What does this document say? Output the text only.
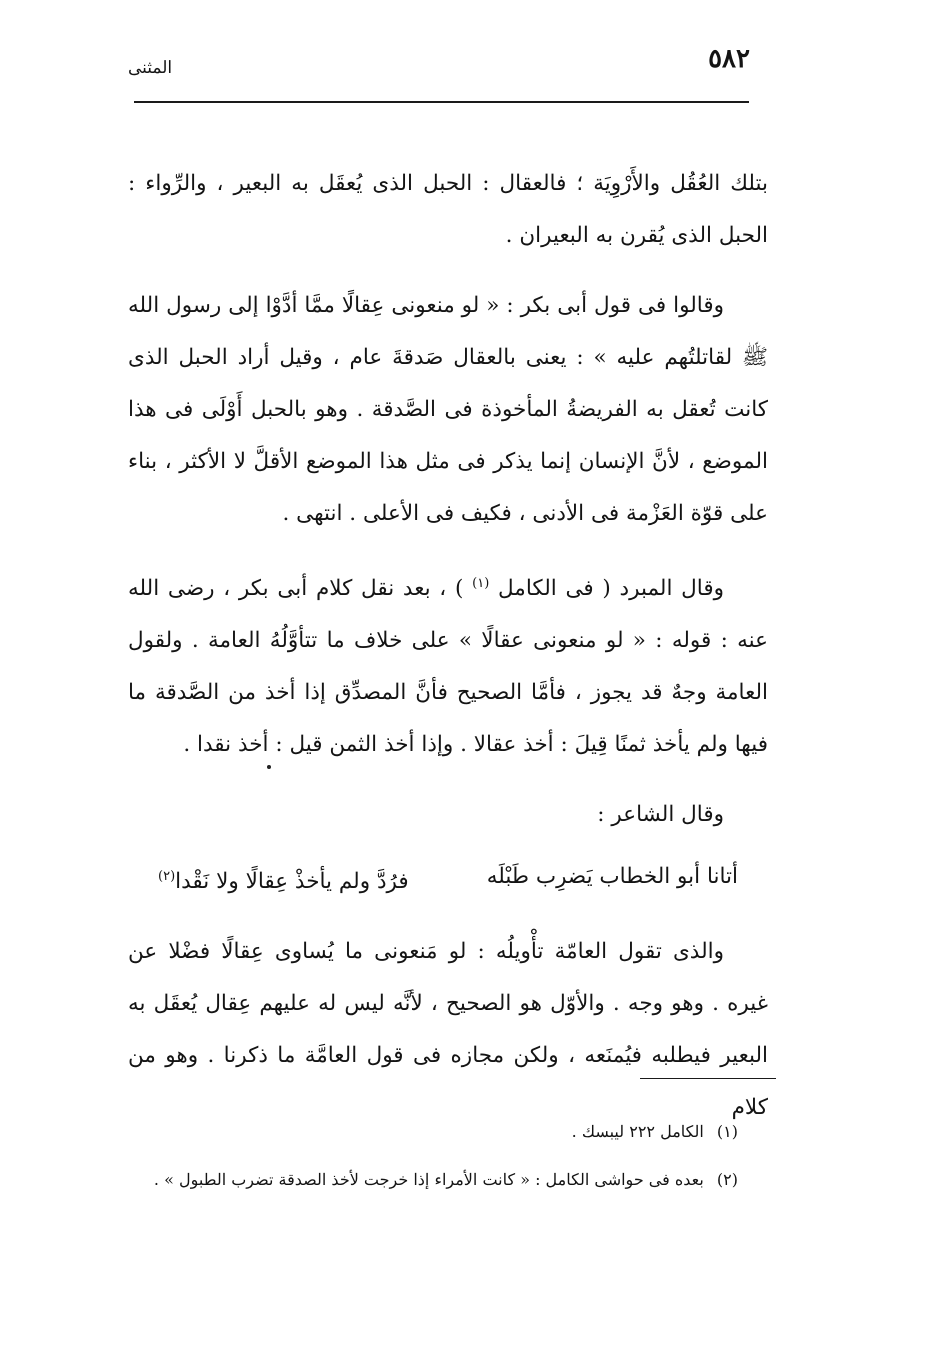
٥٨٢
المثنى

بتلك العُقُل والأَرْوِيَة ؛ فالعقال : الحبل الذى يُعقَل به البعير ، والرِّواء : الحبل الذى يُقرن به البعيران .

وقالوا فى قول أبى بكر : « لو منعونى عِقالًا ممَّا أدَّوْا إلى رسول الله ﷺ لقاتلتُهم عليه » : يعنى بالعقال صَدقةَ عام ، وقيل أراد الحبل الذى كانت تُعقل به الفريضةُ المأخوذة فى الصَّدقة . وهو بالحبل أَوْلَى فى هذا الموضع ، لأنَّ الإنسان إنما يذكر فى مثل هذا الموضع الأقلَّ لا الأكثر ، بناء على قوّة العَزْمة فى الأدنى ، فكيف فى الأعلى . انتهى .

وقال المبرد ( فى الكامل $^{(١)}$ ) ، بعد نقل كلام أبى بكر ، رضى الله عنه : قوله : « لو منعونى عقالًا » على خلاف ما تتأوَّلُهُ العامة . ولقول العامة وجهٌ قد يجوز ، فأمَّا الصحيح فأنَّ المصدِّق إذا أخذ من الصَّدقة ما فيها ولم يأخذ ثمنًا قِيلَ : أخذ عقالا . وإذا أخذ الثمن قيل : أخذ نقدا .

وقال الشاعر :

أتانا أبو الخطاب يَضرِب طَبْلَه
فرُدَّ ولم يأخذْ عِقالًا ولا نَقْدا$^{(٢)}$

والذى تقول العامّة تأْويلُه : لو مَنعونى ما يُساوى عِقالًا فضْلا عن غيره . وهو وجه . والأوّل هو الصحيح ، لأنَّه ليس له عليهم عِقال يُعقَل به البعير فيطلبه فيُمنَعه ، ولكن مجازه فى قول العامَّة ما ذكرنا . وهو من كلام

(١) الكامل ٢٢٢ ليبسك .

(٢) بعده فى حواشى الكامل : « كانت الأمراء إذا خرجت لأخذ الصدقة تضرب الطبول » .
